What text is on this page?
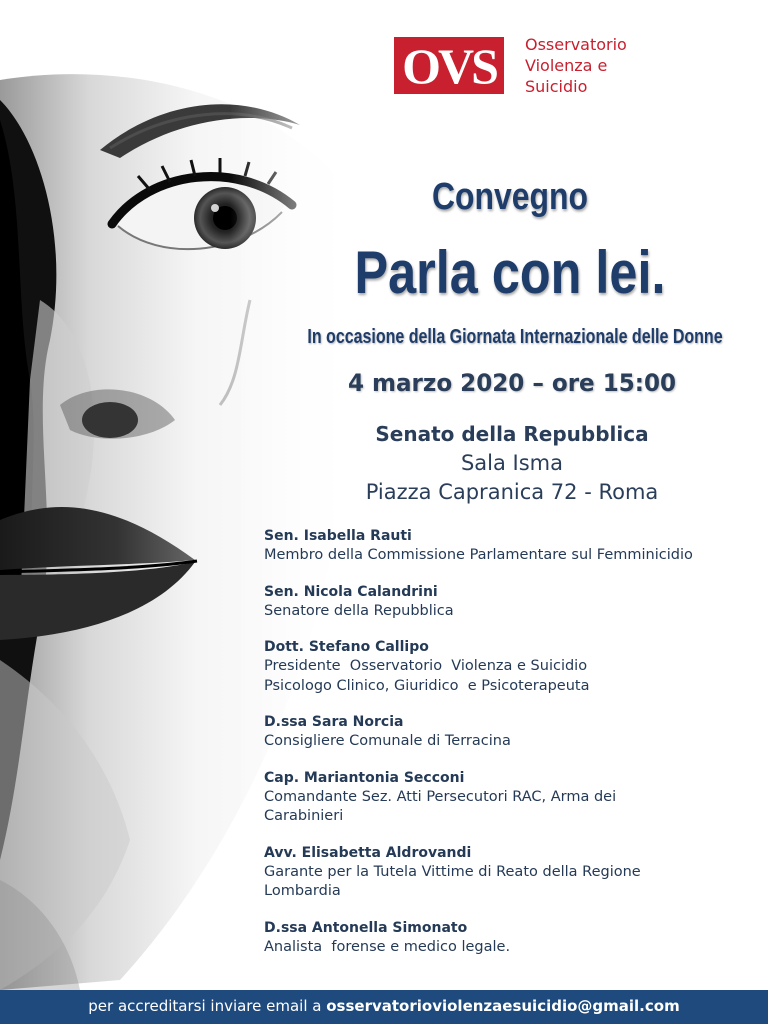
OVS Osservatorio
Violenza e
Suicidio
Convegno
Parla con lei.
In occasione della Giornata Internazionale delle Donne
4 marzo 2020 – ore 15:00
Senato della Repubblica
Sala Isma
Piazza Capranica 72 - Roma
Sen. Isabella Rauti
Membro della Commissione Parlamentare sul Femminicidio
Sen. Nicola Calandrini
Senatore della Repubblica
Dott. Stefano Callipo
Presidente  Osservatorio  Violenza e Suicidio
Psicologo Clinico, Giuridico  e Psicoterapeuta
D.ssa Sara Norcia
Consigliere Comunale di Terracina
Cap. Mariantonia Secconi
Comandante Sez. Atti Persecutori RAC, Arma dei
Carabinieri
Avv. Elisabetta Aldrovandi
Garante per la Tutela Vittime di Reato della Regione
Lombardia
D.ssa Antonella Simonato
Analista  forense e medico legale.
per accreditarsi inviare email a osservatorioviolenzaesuicidio@gmail.com
